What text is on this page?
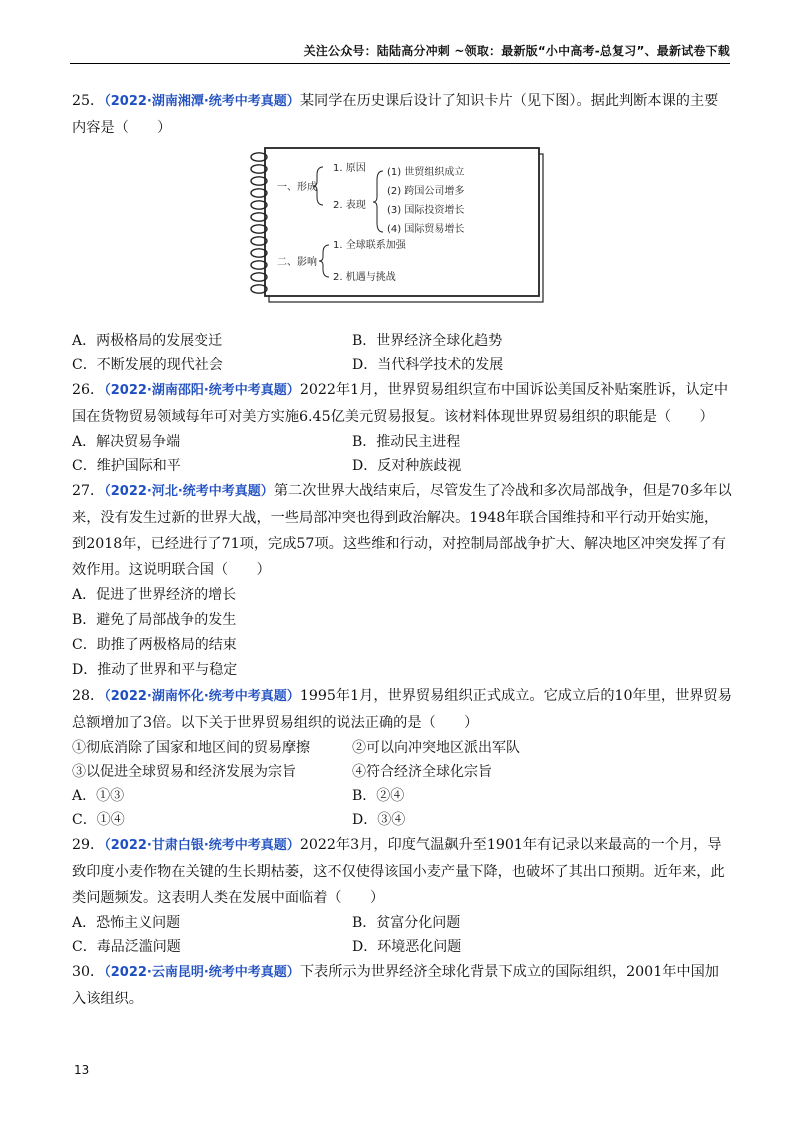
关注公众号：陆陆高分冲刺 ~领取：最新版“小中高考-总复习”、最新试卷下载

25．（2022·湖南湘潭·统考中考真题）某同学在历史课后设计了知识卡片（见下图）。据此判断本课的主要内容是（　　）

一、形成
1. 原因
2. 表现
(1) 世贸组织成立
(2) 跨国公司增多
(3) 国际投资增长
(4) 国际贸易增长
二、影响
1. 全球联系加强
2. 机遇与挑战
A．两极格局的发展变迁	B．世界经济全球化趋势
C．不断发展的现代社会	D．当代科学技术的发展

26．（2022·湖南邵阳·统考中考真题）2022年1月，世界贸易组织宣布中国诉讼美国反补贴案胜诉，认定中国在货物贸易领域每年可对美方实施6.45亿美元贸易报复。该材料体现世界贸易组织的职能是（　　）

A．解决贸易争端	B．推动民主进程
C．维护国际和平	D．反对种族歧视

27．（2022·河北·统考中考真题）第二次世界大战结束后，尽管发生了冷战和多次局部战争，但是70多年以来，没有发生过新的世界大战，一些局部冲突也得到政治解决。1948年联合国维持和平行动开始实施，到2018年，已经进行了71项，完成57项。这些维和行动，对控制局部战争扩大、解决地区冲突发挥了有效作用。这说明联合国（　　）

A．促进了世界经济的增长
B．避免了局部战争的发生
C．助推了两极格局的结束
D．推动了世界和平与稳定

28．（2022·湖南怀化·统考中考真题）1995年1月，世界贸易组织正式成立。它成立后的10年里，世界贸易总额增加了3倍。以下关于世界贸易组织的说法正确的是（　　）

①彻底消除了国家和地区间的贸易摩擦	②可以向冲突地区派出军队
③以促进全球贸易和经济发展为宗旨	④符合经济全球化宗旨
A．①③	B．②④
C．①④	D．③④

29．（2022·甘肃白银·统考中考真题）2022年3月，印度气温飙升至1901年有记录以来最高的一个月，导致印度小麦作物在关键的生长期枯萎，这不仅使得该国小麦产量下降，也破坏了其出口预期。近年来，此类问题频发。这表明人类在发展中面临着（　　）

A．恐怖主义问题	B．贫富分化问题
C．毒品泛滥问题	D．环境恶化问题

30．（2022·云南昆明·统考中考真题）下表所示为世界经济全球化背景下成立的国际组织，2001年中国加入该组织。

13
